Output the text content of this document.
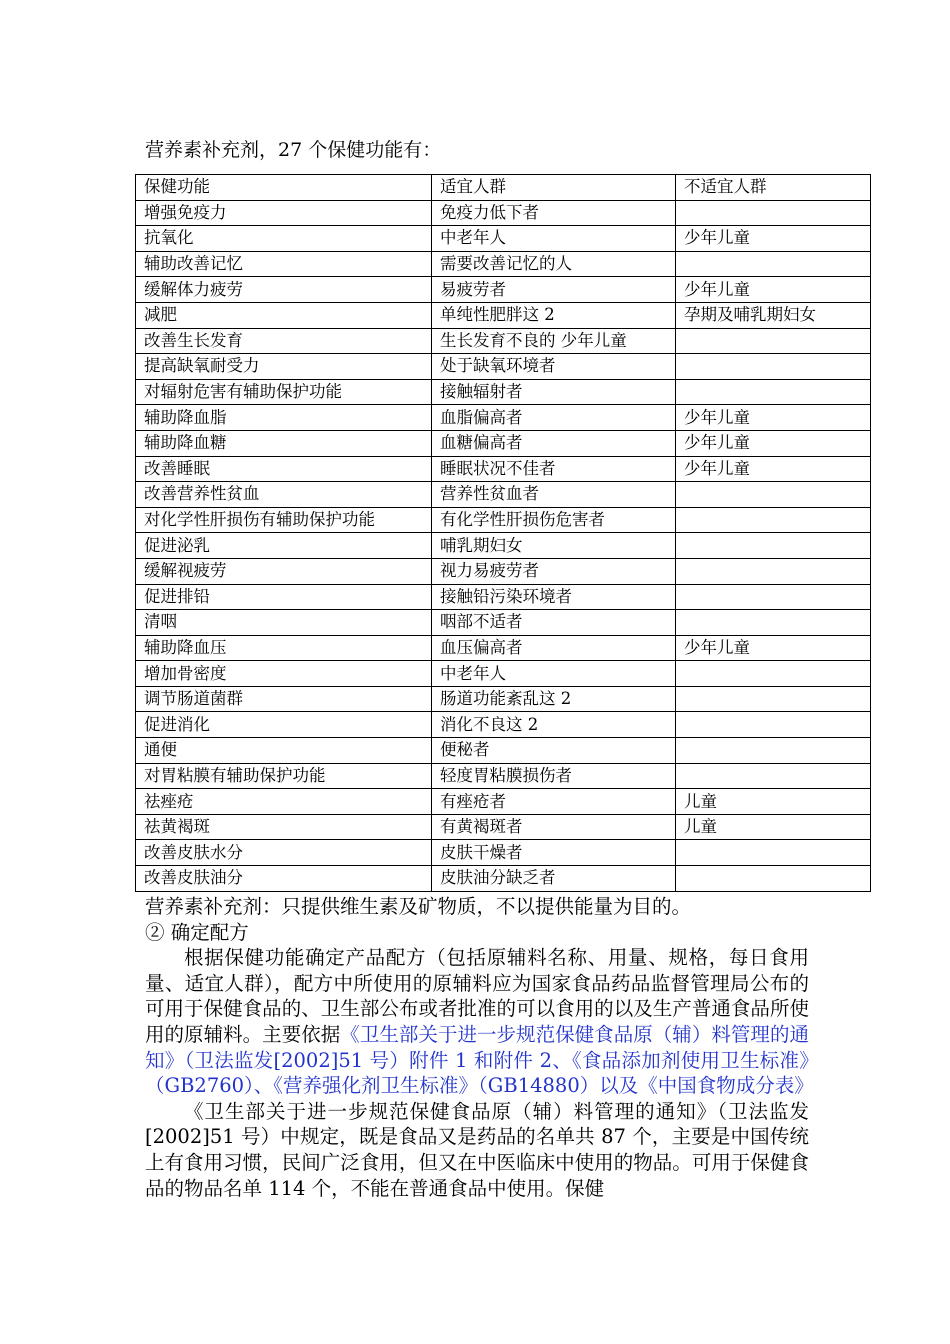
营养素补充剂，27 个保健功能有：
保健功能	适宜人群	不适宜人群
增强免疫力	免疫力低下者	
抗氧化	中老年人	少年儿童
辅助改善记忆	需要改善记忆的人	
缓解体力疲劳	易疲劳者	少年儿童
减肥	单纯性肥胖这 2	孕期及哺乳期妇女
改善生长发育	生长发育不良的 少年儿童	
提高缺氧耐受力	处于缺氧环境者	
对辐射危害有辅助保护功能	接触辐射者	
辅助降血脂	血脂偏高者	少年儿童
辅助降血糖	血糖偏高者	少年儿童
改善睡眠	睡眠状况不佳者	少年儿童
改善营养性贫血	营养性贫血者	
对化学性肝损伤有辅助保护功能	有化学性肝损伤危害者	
促进泌乳	哺乳期妇女	
缓解视疲劳	视力易疲劳者	
促进排铅	接触铅污染环境者	
清咽	咽部不适者	
辅助降血压	血压偏高者	少年儿童
增加骨密度	中老年人	
调节肠道菌群	肠道功能紊乱这 2	
促进消化	消化不良这 2	
通便	便秘者	
对胃粘膜有辅助保护功能	轻度胃粘膜损伤者	
祛痤疮	有痤疮者	儿童
祛黄褐斑	有黄褐斑者	儿童
改善皮肤水分	皮肤干燥者	
改善皮肤油分	皮肤油分缺乏者	

营养素补充剂：只提供维生素及矿物质，不以提供能量为目的。

② 确定配方

根据保健功能确定产品配方（包括原辅料名称、用量、规格，每日食用量、适宜人群），配方中所使用的原辅料应为国家食品药品监督管理局公布的可用于保健食品的、卫生部公布或者批准的可以食用的以及生产普通食品所使用的原辅料。主要依据《卫生部关于进一步规范保健食品原（辅）料管理的通知》（卫法监发[2002]51 号）附件 1 和附件 2、《食品添加剂使用卫生标准》（GB2760）、《营养强化剂卫生标准》（GB14880）以及《中国食物成分表》

《卫生部关于进一步规范保健食品原（辅）料管理的通知》（卫法监发[2002]51 号）中规定，既是食品又是药品的名单共 87 个，主要是中国传统上有食用习惯，民间广泛食用，但又在中医临床中使用的物品。可用于保健食品的物品名单 114 个，不能在普通食品中使用。保健
